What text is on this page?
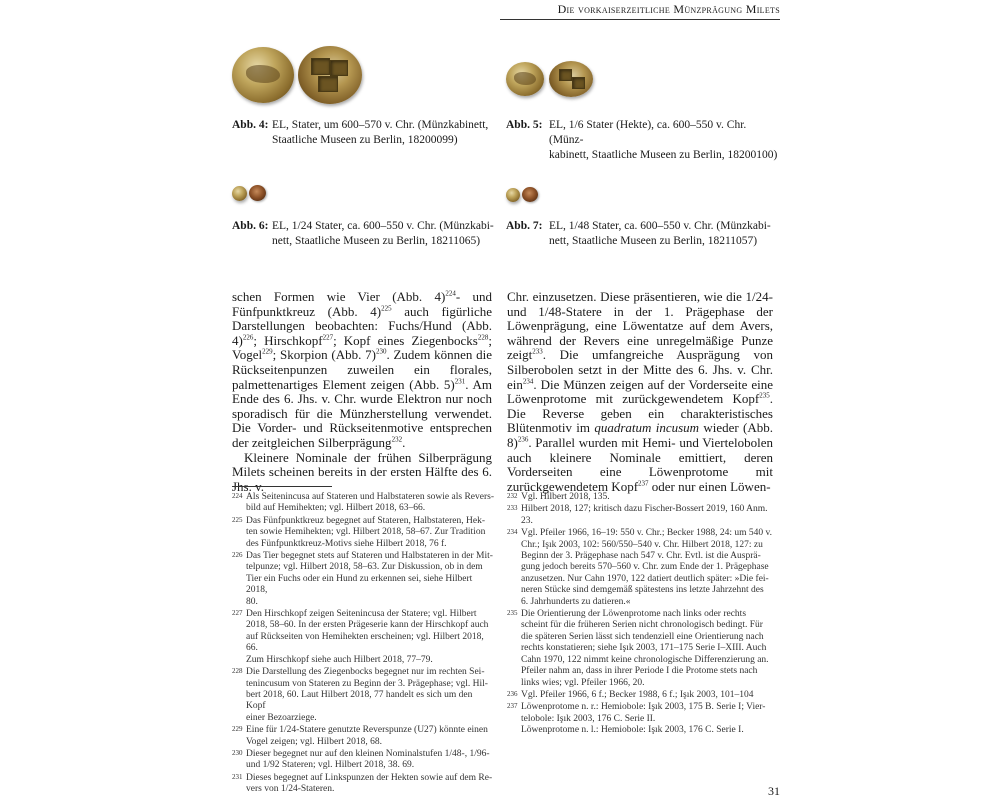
Die vorkaiserzeitliche Münzprägung Milets
Abb. 4: EL, Stater, um 600–570 v. Chr. (Münzkabinett,
Staatliche Museen zu Berlin, 18200099)
Abb. 5: EL, 1/6 Stater (Hekte), ca. 600–550 v. Chr. (Münz-
kabinett, Staatliche Museen zu Berlin, 18200100)
Abb. 6: EL, 1/24 Stater, ca. 600–550 v. Chr. (Münzkabi-
nett, Staatliche Museen zu Berlin, 18211065)
Abb. 7: EL, 1/48 Stater, ca. 600–550 v. Chr. (Münzkabi-
nett, Staatliche Museen zu Berlin, 18211057)

schen Formen wie Vier (Abb. 4)$^{224}$- und Fünfpunktkreuz (Abb. 4)$^{225}$ auch figürliche Darstellungen beobachten: Fuchs/Hund (Abb. 4)$^{226}$; Hirschkopf$^{227}$; Kopf eines Ziegenbocks$^{228}$; Vogel$^{229}$; Skorpion (Abb. 7)$^{230}$. Zudem können die Rückseitenpunzen zuweilen ein florales, palmettenartiges Element zeigen (Abb. 5)$^{231}$. Am Ende des 6. Jhs. v. Chr. wurde Elektron nur noch sporadisch für die Münzherstellung verwendet. Die Vorder- und Rückseitenmotive entsprechen der zeitgleichen Silberprägung$^{232}$.

Kleinere Nominale der frühen Silberprägung Milets scheinen bereits in der ersten Hälfte des 6. Jhs. v.

Chr. einzusetzen. Diese präsentieren, wie die 1/24- und 1/48-Statere in der 1. Prägephase der Löwenprägung, eine Löwentatze auf dem Avers, während der Revers eine unregelmäßige Punze zeigt$^{233}$. Die umfangreiche Ausprägung von Silberobolen setzt in der Mitte des 6. Jhs. v. Chr. ein$^{234}$. Die Münzen zeigen auf der Vorderseite eine Löwenprotome mit zurückgewendetem Kopf$^{235}$. Die Reverse geben ein charakteristisches Blütenmotiv im quadratum incusum wieder (Abb. 8)$^{236}$. Parallel wurden mit Hemi- und Viertelobolen auch kleinere Nominale emittiert, deren Vorderseiten eine Löwenprotome mit zurückgewendetem Kopf$^{237}$ oder nur einen Löwen-

224 Als Seitenincusa auf Stateren und Halbstateren sowie als Revers-
bild auf Hemihekten; vgl. Hilbert 2018, 63–66.
225 Das Fünfpunktkreuz begegnet auf Stateren, Halbstateren, Hek-
ten sowie Hemihekten; vgl. Hilbert 2018, 58–67. Zur Tradition
des Fünfpunktkreuz-Motivs siehe Hilbert 2018, 76 f.
226 Das Tier begegnet stets auf Stateren und Halbstateren in der Mit-
telpunze; vgl. Hilbert 2018, 58–63. Zur Diskussion, ob in dem
Tier ein Fuchs oder ein Hund zu erkennen sei, siehe Hilbert 2018,
80.
227 Den Hirschkopf zeigen Seitenincusa der Statere; vgl. Hilbert
2018, 58–60. In der ersten Prägeserie kann der Hirschkopf auch
auf Rückseiten von Hemihekten erscheinen; vgl. Hilbert 2018, 66.
Zum Hirschkopf siehe auch Hilbert 2018, 77–79.
228 Die Darstellung des Ziegenbocks begegnet nur im rechten Sei-
tenincusum von Stateren zu Beginn der 3. Prägephase; vgl. Hil-
bert 2018, 60. Laut Hilbert 2018, 77 handelt es sich um den Kopf
einer Bezoarziege.
229 Eine für 1/24-Statere genutzte Reverspunze (U27) könnte einen
Vogel zeigen; vgl. Hilbert 2018, 68.
230 Dieser begegnet nur auf den kleinen Nominalstufen 1/48-, 1/96-
und 1/92 Stateren; vgl. Hilbert 2018, 38. 69.
231 Dieses begegnet auf Linkspunzen der Hekten sowie auf dem Re-
vers von 1/24-Stateren.
232 Vgl. Hilbert 2018, 135.
233 Hilbert 2018, 127; kritisch dazu Fischer-Bossert 2019, 160 Anm.
23.
234 Vgl. Pfeiler 1966, 16–19: 550 v. Chr.; Becker 1988, 24: um 540 v.
Chr.; Işık 2003, 102: 560/550–540 v. Chr. Hilbert 2018, 127: zu
Beginn der 3. Prägephase nach 547 v. Chr. Evtl. ist die Ausprä-
gung jedoch bereits 570–560 v. Chr. zum Ende der 1. Prägephase
anzusetzen. Nur Cahn 1970, 122 datiert deutlich später: »Die fei-
neren Stücke sind demgemäß spätestens ins letzte Jahrzehnt des
6. Jahrhunderts zu datieren.«
235 Die Orientierung der Löwenprotome nach links oder rechts
scheint für die früheren Serien nicht chronologisch bedingt. Für
die späteren Serien lässt sich tendenziell eine Orientierung nach
rechts konstatieren; siehe Işık 2003, 171–175 Serie I–XIII. Auch
Cahn 1970, 122 nimmt keine chronologische Differenzierung an.
Pfeiler nahm an, dass in ihrer Periode I die Protome stets nach
links wies; vgl. Pfeiler 1966, 20.
236 Vgl. Pfeiler 1966, 6 f.; Becker 1988, 6 f.; Işık 2003, 101–104
237 Löwenprotome n. r.: Hemiobole: Işık 2003, 175 B. Serie I; Vier-
telobole: Işık 2003, 176 C. Serie II.
Löwenprotome n. l.: Hemiobole: Işık 2003, 176 C. Serie I.
31
